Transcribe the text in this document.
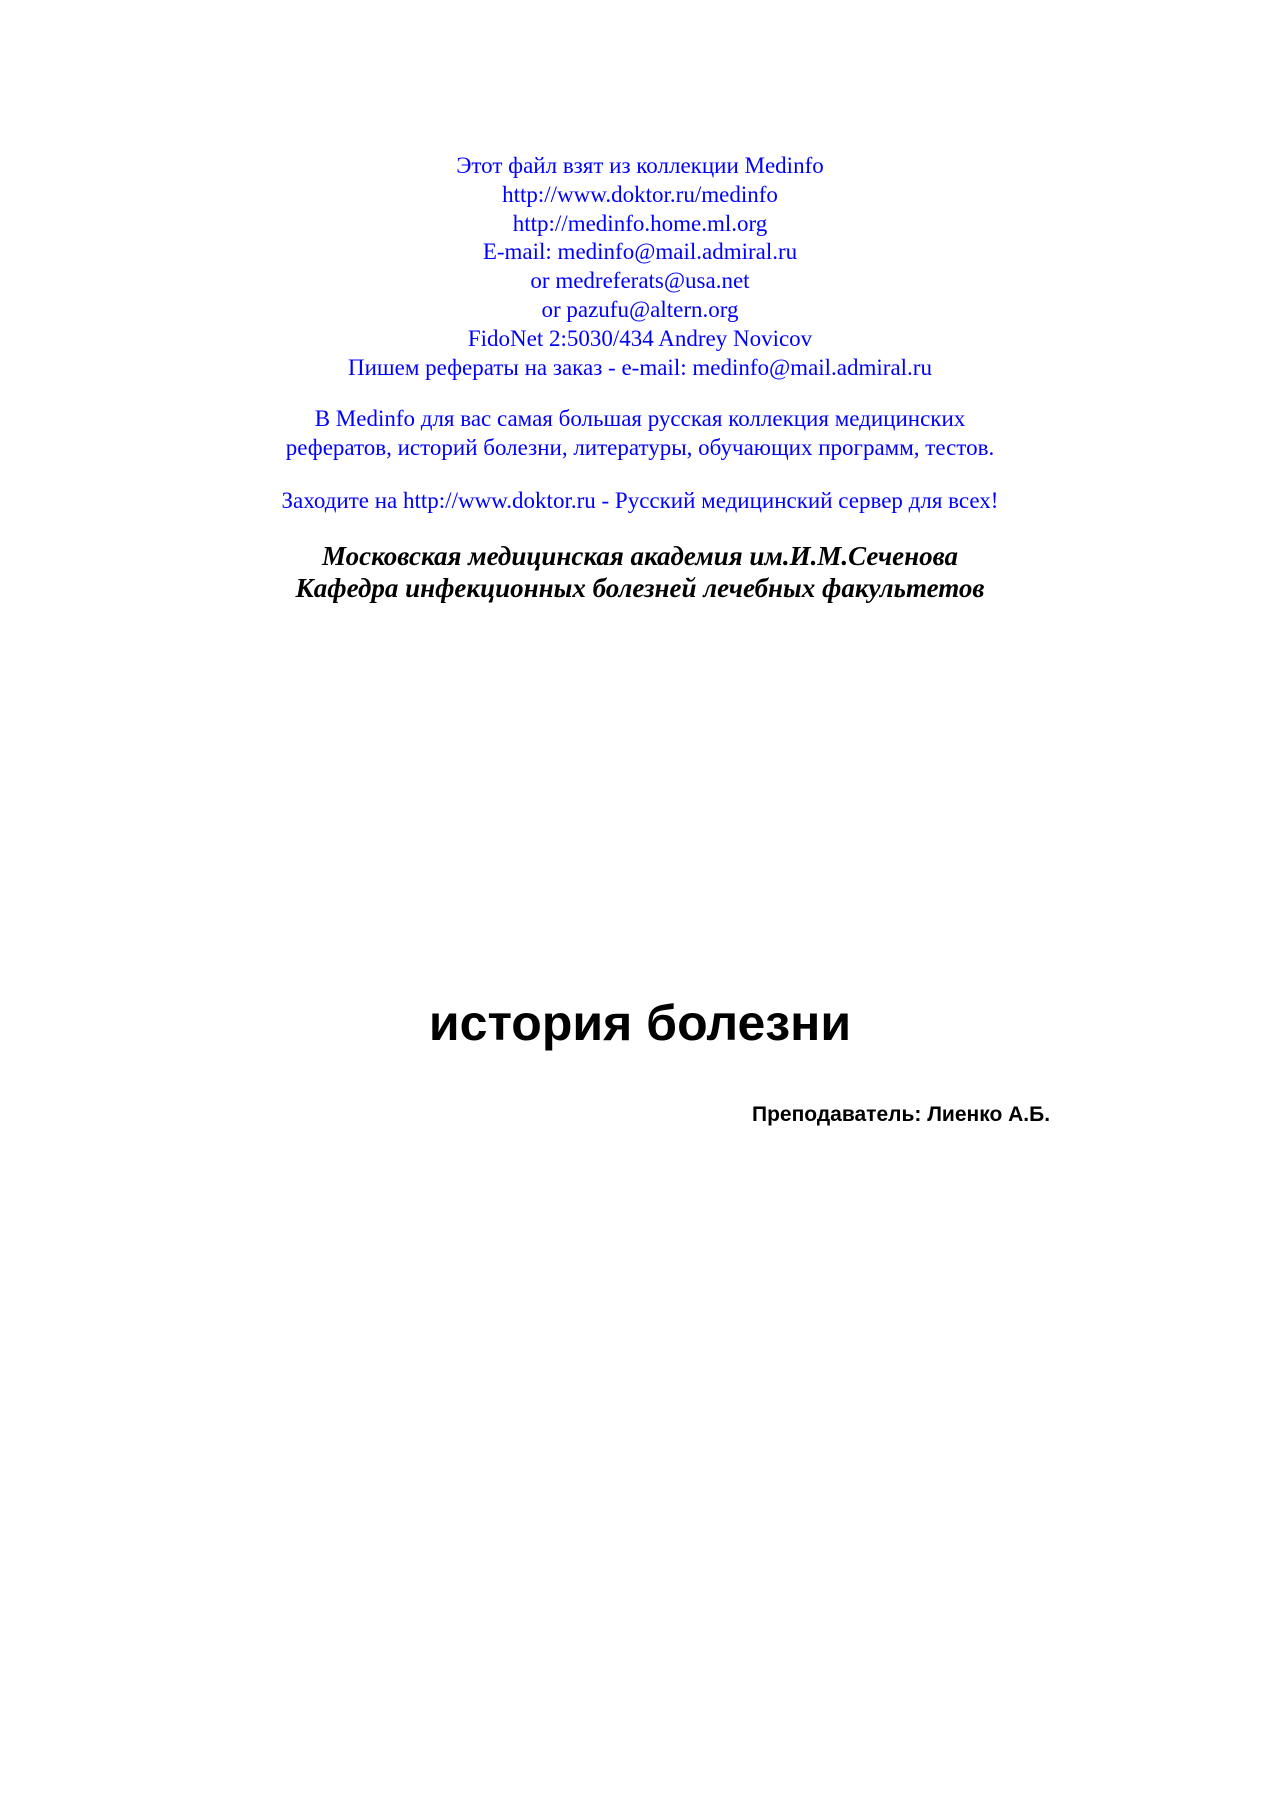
Этот файл взят из коллекции Medinfo
http://www.doktor.ru/medinfo
http://medinfo.home.ml.org
E-mail: medinfo@mail.admiral.ru
or medreferats@usa.net
or pazufu@altern.org
FidoNet 2:5030/434 Andrey Novicov
Пишем рефераты на заказ - e-mail: medinfo@mail.admiral.ru
В Medinfo для вас самая большая русская коллекция медицинских
рефератов, историй болезни, литературы, обучающих программ, тестов.
Заходите на http://www.doktor.ru - Русский медицинский сервер для всех!
Московская медицинская академия им.И.М.Сеченова
Кафедра инфекционных болезней лечебных факультетов
история болезни
Преподаватель: Лиенко А.Б.
